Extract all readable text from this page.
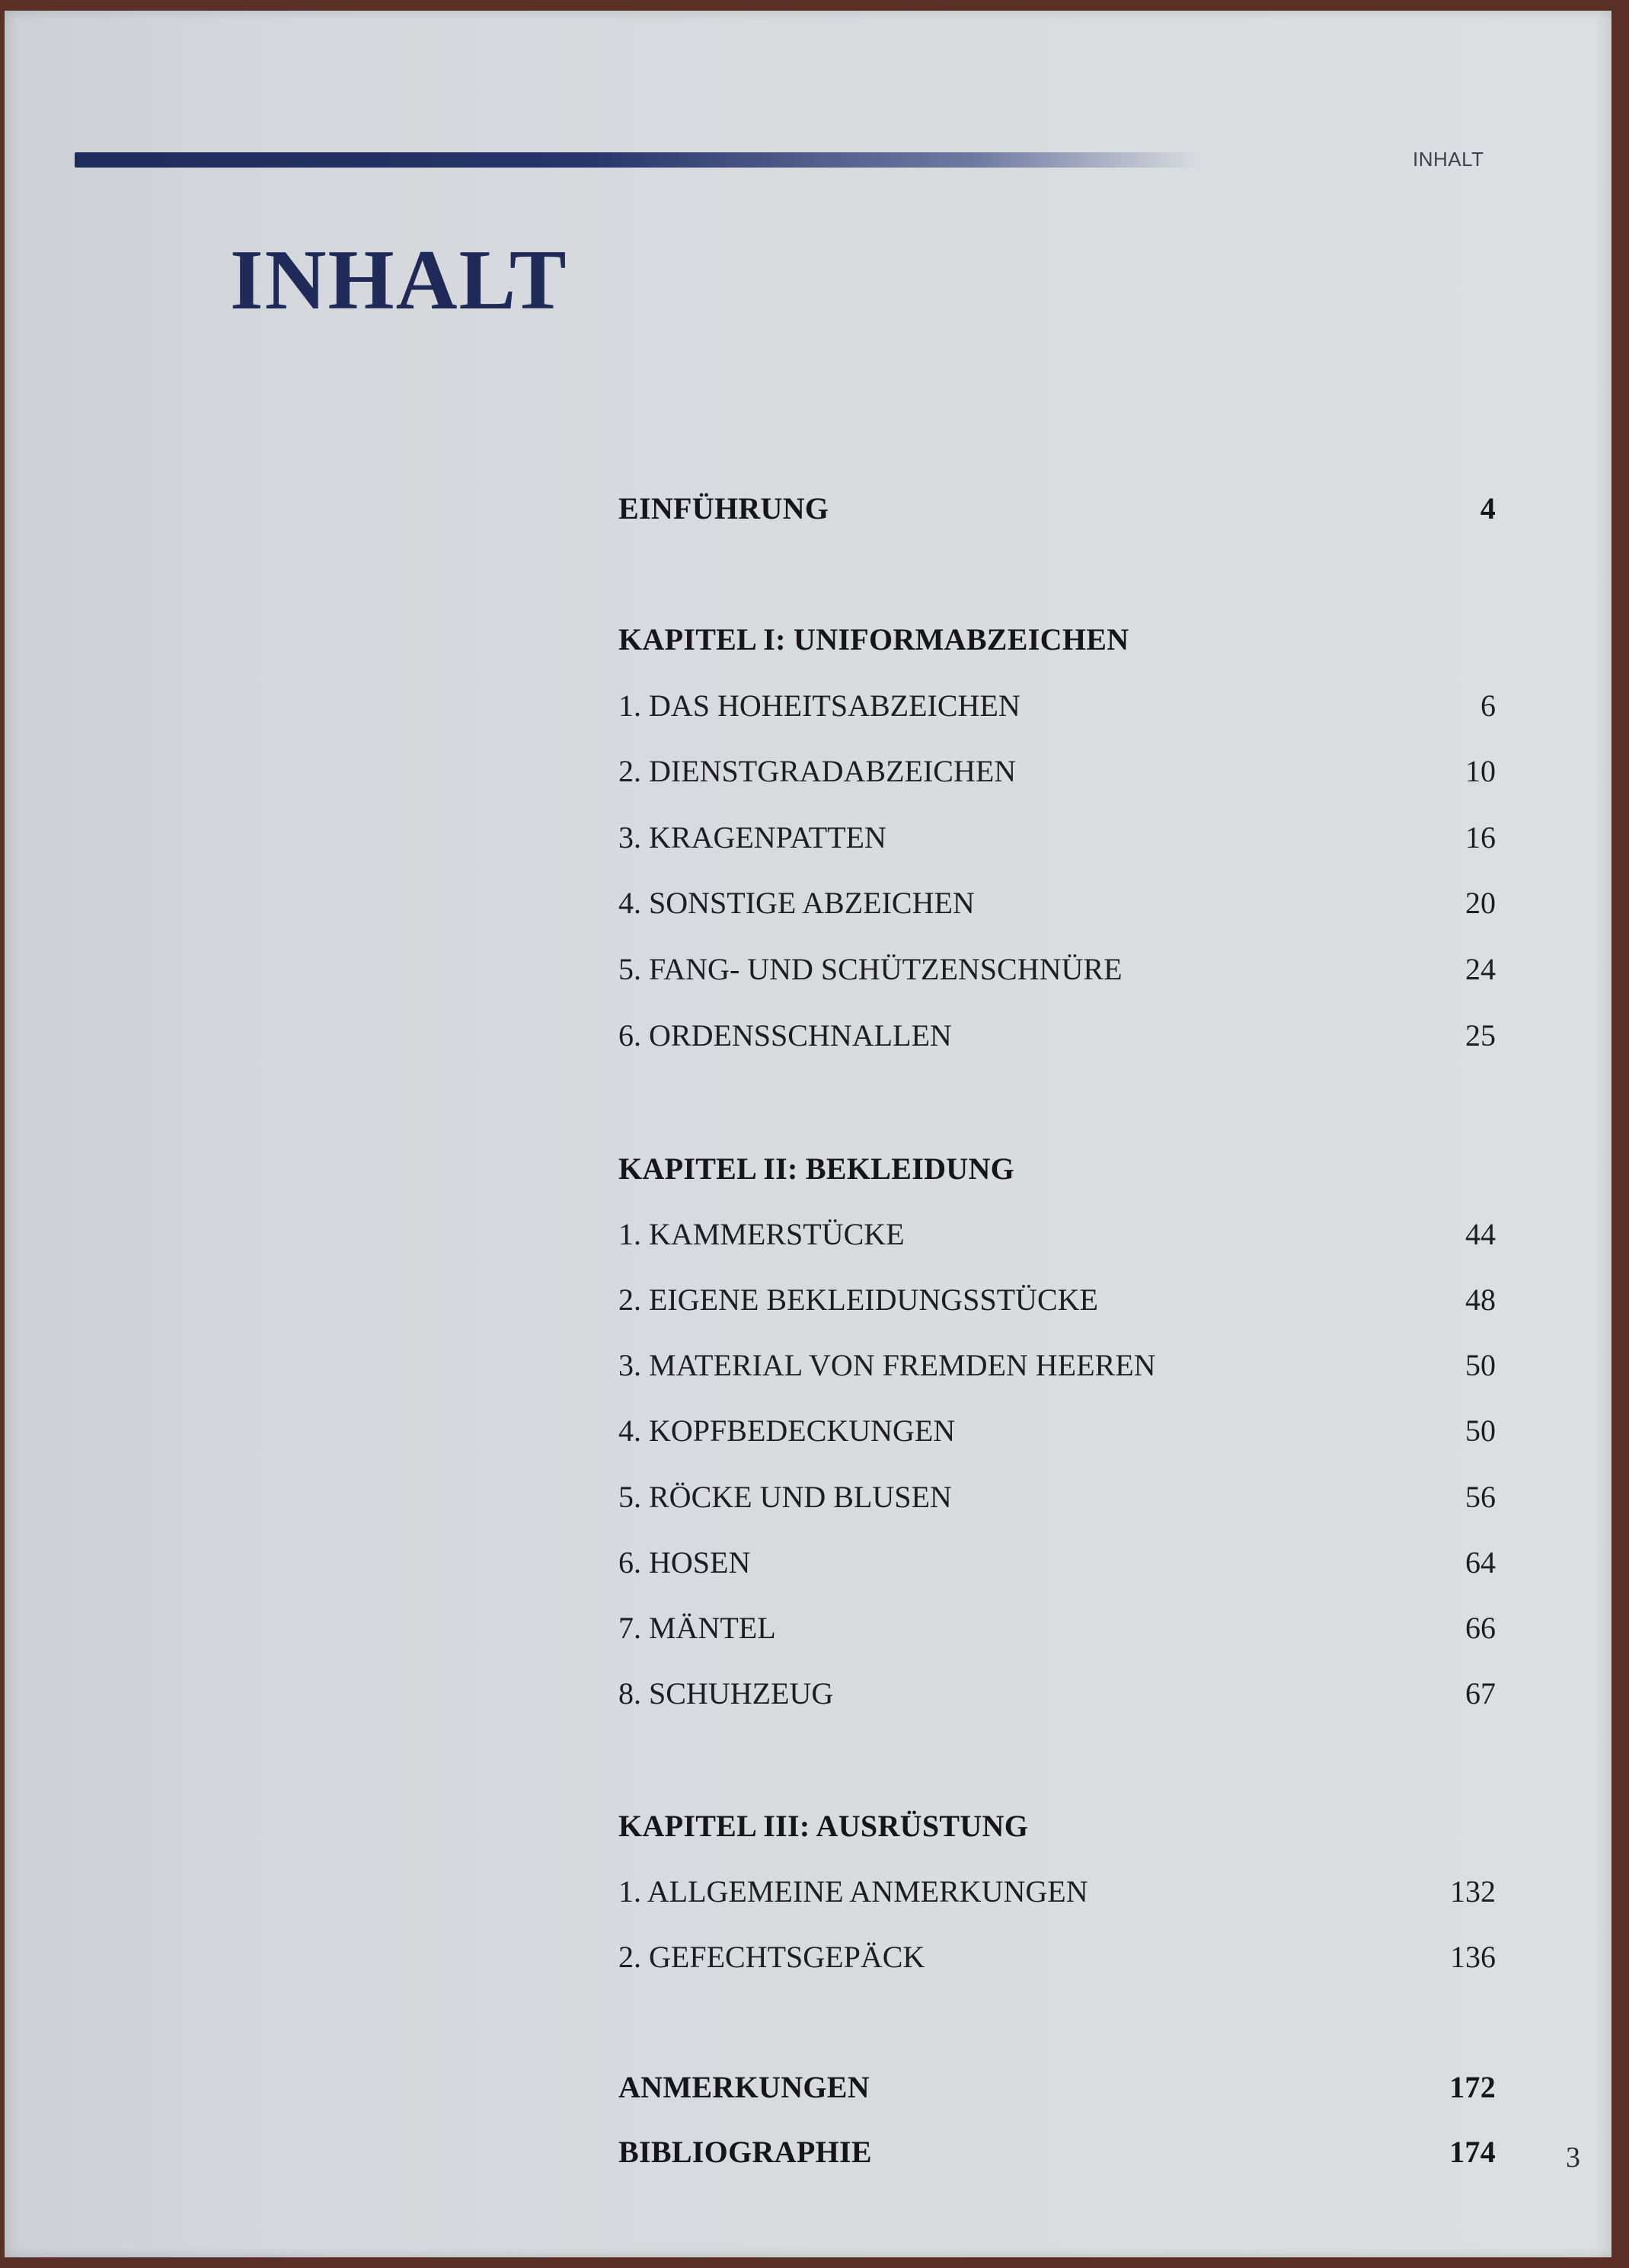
INHALT
INHALT
EINFÜHRUNG	4
KAPITEL I: UNIFORMABZEICHEN
1. DAS HOHEITSABZEICHEN	6
2. DIENSTGRADABZEICHEN	10
3. KRAGENPATTEN	16
4. SONSTIGE ABZEICHEN	20
5. FANG- UND SCHÜTZENSCHNÜRE	24
6. ORDENSSCHNALLEN	25
KAPITEL II: BEKLEIDUNG
1. KAMMERSTÜCKE	44
2. EIGENE BEKLEIDUNGSSTÜCKE	48
3. MATERIAL VON FREMDEN HEEREN	50
4. KOPFBEDECKUNGEN	50
5. RÖCKE UND BLUSEN	56
6. HOSEN	64
7. MÄNTEL	66
8. SCHUHZEUG	67
KAPITEL III: AUSRÜSTUNG
1. ALLGEMEINE ANMERKUNGEN	132
2. GEFECHTSGEPÄCK	136
ANMERKUNGEN	172
BIBLIOGRAPHIE	174 3
